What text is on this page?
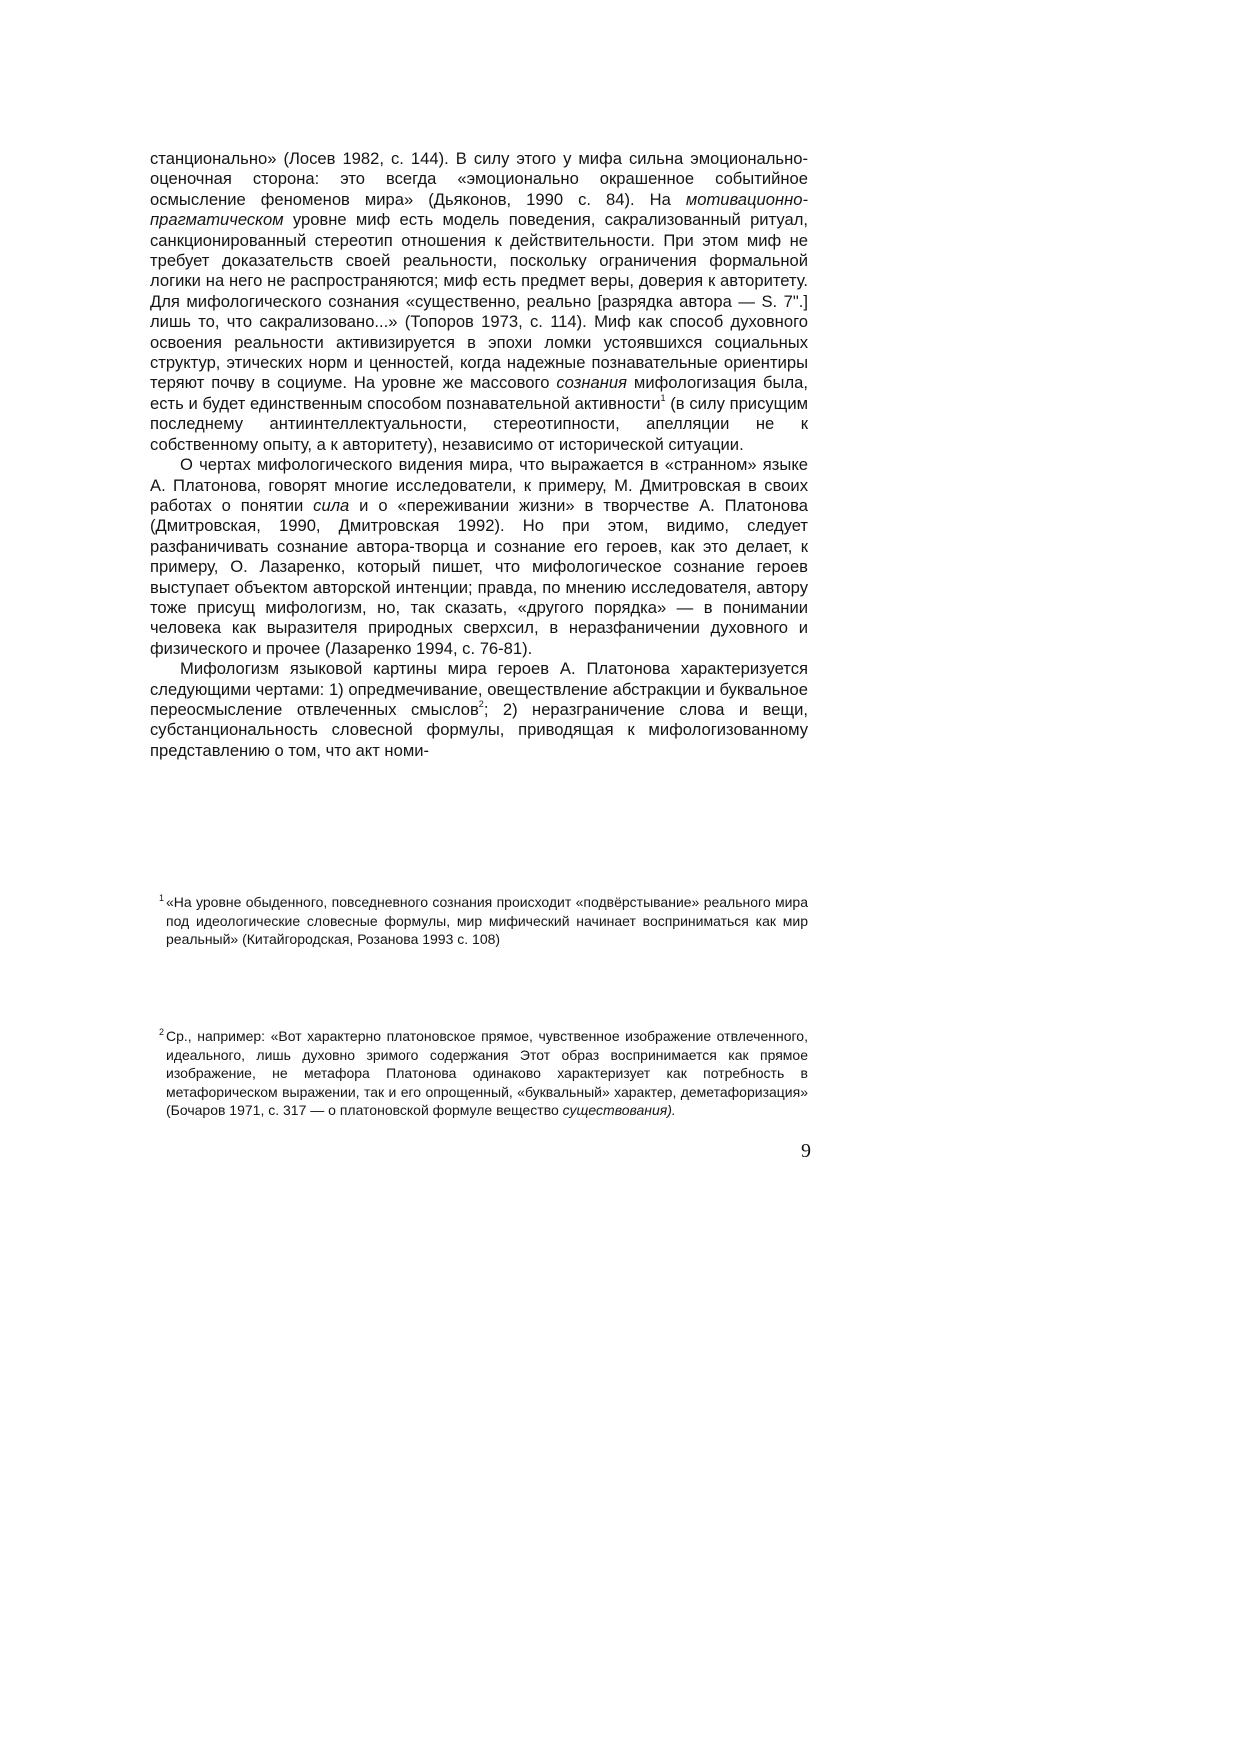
станционально» (Лосев 1982, с. 144). В силу этого у мифа сильна эмоционально-оценочная сторона: это всегда «эмоционально окрашенное событийное осмысление феноменов мира» (Дьяконов, 1990 с. 84). На мотивационно-прагматическом уровне миф есть модель поведения, сакрализованный ритуал, санкционированный стереотип отношения к действительности. При этом миф не требует доказательств своей реальности, поскольку ограничения формальной логики на него не распространяются; миф есть предмет веры, доверия к авторитету. Для мифологического сознания «существенно, реально [разрядка автора — S. 7".] лишь то, что сакрализовано...» (Топоров 1973, с. 114). Миф как способ духовного освоения реальности активизируется в эпохи ломки устоявшихся социальных структур, этических норм и ценностей, когда надежные познавательные ориентиры теряют почву в социуме. На уровне же массового сознания мифологизация была, есть и будет единственным способом познавательной активности$^1$ (в силу присущим последнему антиинтеллектуальности, стереотипности, апелляции не к собственному опыту, а к авторитету), независимо от исторической ситуации.

О чертах мифологического видения мира, что выражается в «странном» языке А. Платонова, говорят многие исследователи, к примеру, М. Дмитровская в своих работах о понятии сила и о «переживании жизни» в творчестве А. Платонова (Дмитровская, 1990, Дмитровская 1992). Но при этом, видимо, следует разфаничивать сознание автора-творца и сознание его героев, как это делает, к примеру, О. Лазаренко, который пишет, что мифологическое сознание героев выступает объектом авторской интенции; правда, по мнению исследователя, автору тоже присущ мифологизм, но, так сказать, «другого порядка» — в понимании человека как выразителя природных сверхсил, в неразфаничении духовного и физического и прочее (Лазаренко 1994, с. 76-81).

Мифологизм языковой картины мира героев А. Платонова характеризуется следующими чертами: 1) опредмечивание, овеществление абстракции и буквальное переосмысление отвлеченных смыслов$^2$; 2) неразграничение слова и вещи, субстанциональность словесной формулы, приводящая к мифологизованному представлению о том, что акт номи-

1 «На уровне обыденного, повседневного сознания происходит «подвёрстывание» реального мира под идеологические словесные формулы, мир мифический начинает восприниматься как мир реальный» (Китайгородская, Розанова 1993 с. 108)

2 Ср., например: «Вот характерно платоновское прямое, чувственное изображение отвлеченного, идеального, лишь духовно зримого содержания Этот образ воспринимается как прямое изображение, не метафора Платонова одинаково характеризует как потребность в метафорическом выражении, так и его опрощенный, «буквальный» характер, деметафоризация» (Бочаров 1971, с. 317 — о платоновской формуле вещество существования).

9
